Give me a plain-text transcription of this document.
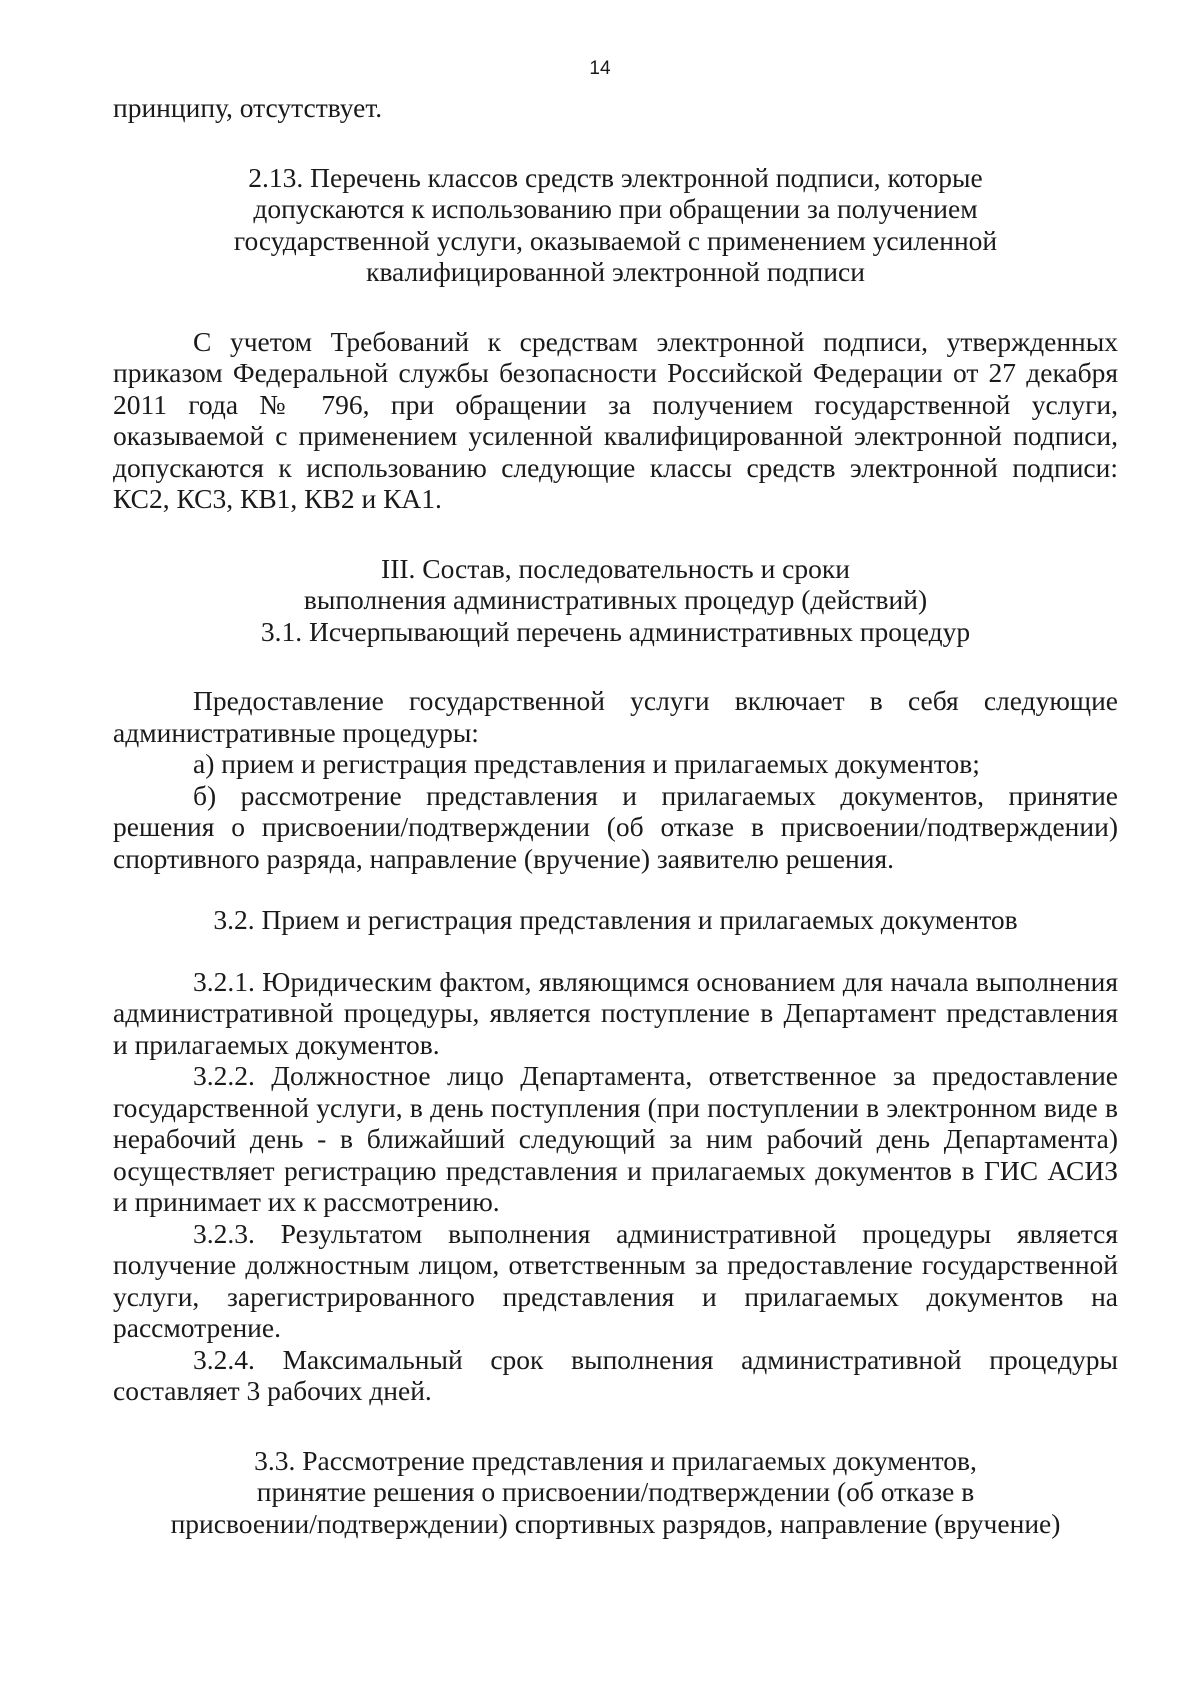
14

принципу, отсутствует.

2.13. Перечень классов средств электронной подписи, которые допускаются к использованию при обращении за получением государственной услуги, оказываемой с применением усиленной квалифицированной электронной подписи

С учетом Требований к средствам электронной подписи, утвержденных приказом Федеральной службы безопасности Российской Федерации от 27 декабря 2011 года № 796, при обращении за получением государственной услуги, оказываемой с применением усиленной квалифицированной электронной подписи, допускаются к использованию следующие классы средств электронной подписи: КС2, КС3, КВ1, КВ2 и КА1.

III. Состав, последовательность и сроки

выполнения административных процедур (действий)

3.1. Исчерпывающий перечень административных процедур

Предоставление государственной услуги включает в себя следующие административные процедуры:

а) прием и регистрация представления и прилагаемых документов;

б) рассмотрение представления и прилагаемых документов, принятие решения о присвоении/подтверждении (об отказе в присвоении/подтверждении) спортивного разряда, направление (вручение) заявителю решения.

3.2. Прием и регистрация представления и прилагаемых документов

3.2.1. Юридическим фактом, являющимся основанием для начала выполнения административной процедуры, является поступление в Департамент представления и прилагаемых документов.

3.2.2. Должностное лицо Департамента, ответственное за предоставление государственной услуги, в день поступления (при поступлении в электронном виде в нерабочий день - в ближайший следующий за ним рабочий день Департамента) осуществляет регистрацию представления и прилагаемых документов в ГИС АСИЗ и принимает их к рассмотрению.

3.2.3. Результатом выполнения административной процедуры является получение должностным лицом, ответственным за предоставление государственной услуги, зарегистрированного представления и прилагаемых документов на рассмотрение.

3.2.4. Максимальный срок выполнения административной процедуры составляет 3 рабочих дней.

3.3. Рассмотрение представления и прилагаемых документов,

принятие решения о присвоении/подтверждении (об отказе в

присвоении/подтверждении) спортивных разрядов, направление (вручение)
